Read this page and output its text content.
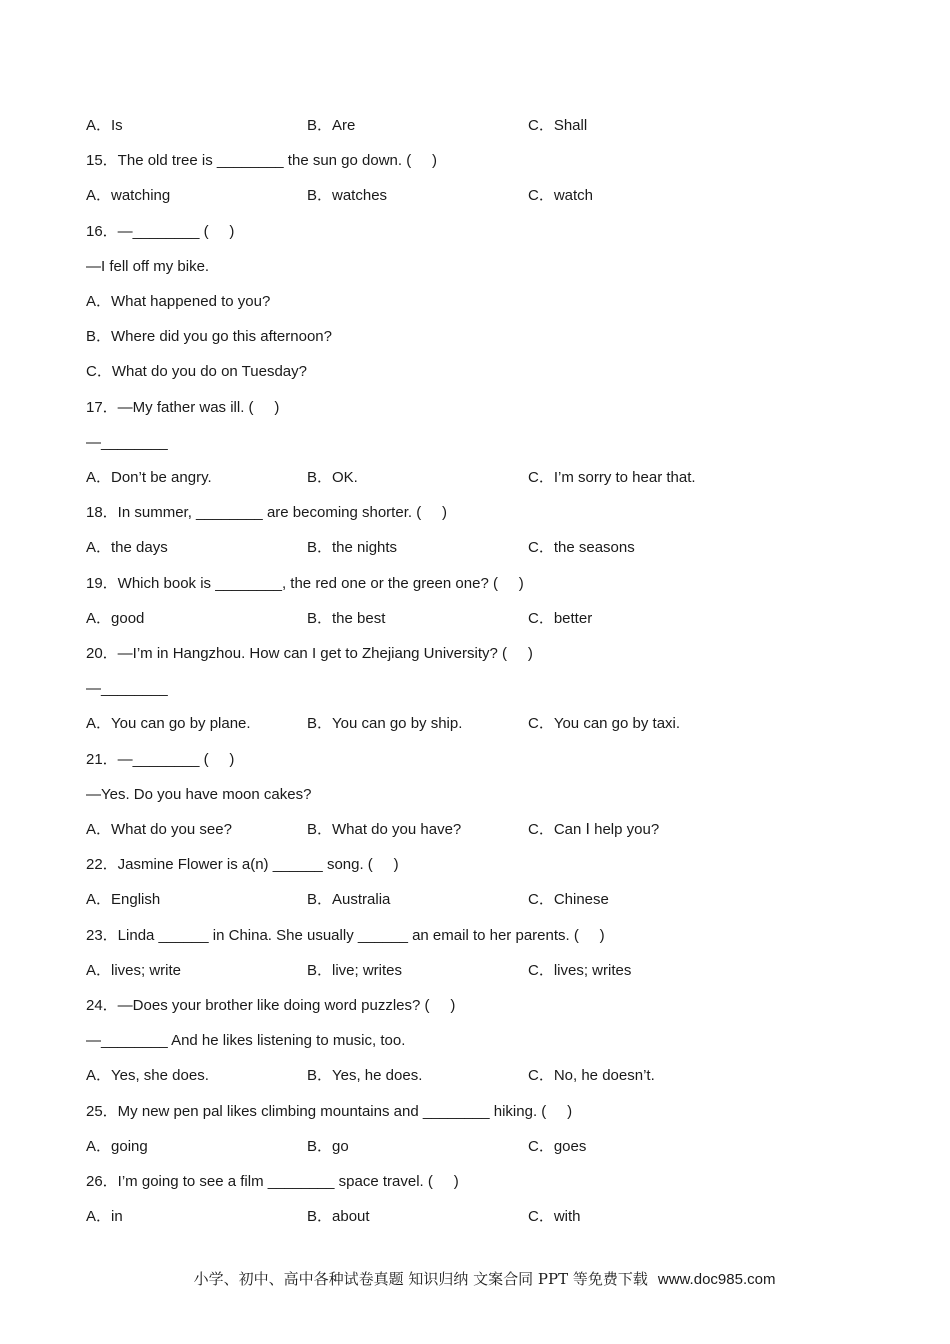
A．Is	B．Are	C．Shall
15．The old tree is ________ the sun go down. (     )
A．watching	B．watches	C．watch
16．—________ (     )
—I fell off my bike.
A．What happened to you?
B．Where did you go this afternoon?
C．What do you do on Tuesday?
17．—My father was ill. (     )
—________
A．Don’t be angry.	B．OK.	C．I’m sorry to hear that.
18．In summer, ________ are becoming shorter. (     )
A．the days	B．the nights	C．the seasons
19．Which book is ________, the red one or the green one? (     )
A．good	B．the best	C．better
20．—I’m in Hangzhou. How can I get to Zhejiang University? (     )
—________
A．You can go by plane.	B．You can go by ship.	C．You can go by taxi.
21．—________ (     )
—Yes. Do you have moon cakes?
A．What do you see?	B．What do you have?	C．Can Ⅰ help you?
22．Jasmine Flower is a(n) ______ song. (     )
A．English	B．Australia	C．Chinese
23．Linda ______ in China. She usually ______ an email to her parents. (     )
A．lives; write	B．live; writes	C．lives; writes
24．—Does your brother like doing word puzzles? (     )
—________ And he likes listening to music, too.
A．Yes, she does.	B．Yes, he does.	C．No, he doesn’t.
25．My new pen pal likes climbing mountains and ________ hiking. (     )
A．going	B．go	C．goes
26．I’m going to see a film ________ space travel. (     )
A．in	B．about	C．with

小学、初中、高中各种试卷真题 知识归纳 文案合同 PPT 等免费下载 www.doc985.com
